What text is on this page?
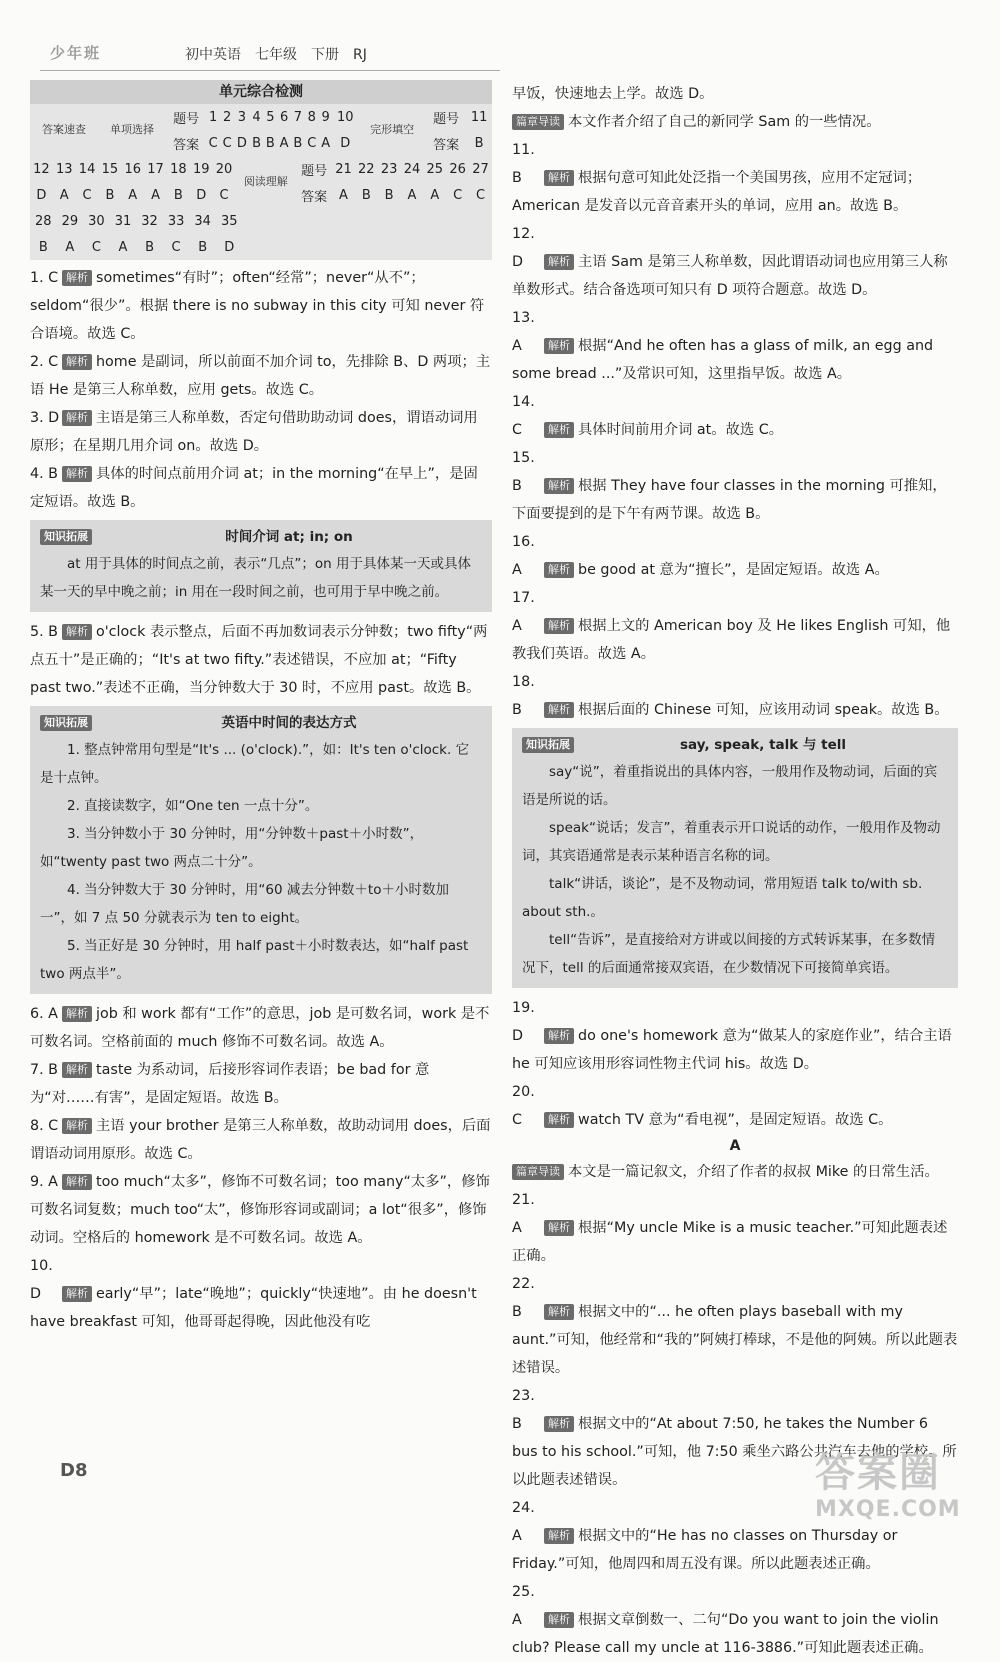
少年班	初中英语　七年级　下册　RJ
单元综合检测
答案速查	单项选择	题号	1	2	3	4	5	6	7	8	9	10	完形填空	题号	11
		答案	C	C	D	B	B	A	B	C	A	D		答案	B
12	13	14	15	16	17	18	19	20	阅读理解	题号	21	22	23	24	25	26	27
D	A	C	B	A	A	B	D	C		答案	A	B	B	A	A	C	C
28	29	30	31	32	33	34	35
B	A	C	A	B	C	B	D

1. C 解析 sometimes“有时”；often“经常”；never“从不”；seldom“很少”。根据 there is no subway in this city 可知 never 符合语境。故选 C。

2. C 解析 home 是副词，所以前面不加介词 to，先排除 B、D 两项；主语 He 是第三人称单数，应用 gets。故选 C。

3. D 解析 主语是第三人称单数，否定句借助助动词 does，谓语动词用原形；在星期几用介词 on。故选 D。

4. B 解析 具体的时间点前用介词 at；in the morning“在早上”，是固定短语。故选 B。

知识拓展	时间介词 at; in; on

at 用于具体的时间点之前，表示“几点”；on 用于具体某一天或具体某一天的早中晚之前；in 用在一段时间之前，也可用于早中晚之前。

5. B 解析 o'clock 表示整点，后面不再加数词表示分钟数；two fifty“两点五十”是正确的；“It's at two fifty.”表述错误，不应加 at；“Fifty past two.”表述不正确，当分钟数大于 30 时，不应用 past。故选 B。

知识拓展	英语中时间的表达方式

1. 整点钟常用句型是“It's ... (o'clock).”，如：It's ten o'clock. 它是十点钟。

2. 直接读数字，如“One ten 一点十分”。

3. 当分钟数小于 30 分钟时，用“分钟数＋past＋小时数”，如“twenty past two 两点二十分”。

4. 当分钟数大于 30 分钟时，用“60 减去分钟数＋to＋小时数加一”，如 7 点 50 分就表示为 ten to eight。

5. 当正好是 30 分钟时，用 half past＋小时数表达，如“half past two 两点半”。

6. A 解析 job 和 work 都有“工作”的意思，job 是可数名词，work 是不可数名词。空格前面的 much 修饰不可数名词。故选 A。

7. B 解析 taste 为系动词，后接形容词作表语；be bad for 意为“对……有害”，是固定短语。故选 B。

8. C 解析 主语 your brother 是第三人称单数，故助动词用 does，后面谓语动词用原形。故选 C。

9. A 解析 too much“太多”，修饰不可数名词；too many“太多”，修饰可数名词复数；much too“太”，修饰形容词或副词；a lot“很多”，修饰动词。空格后的 homework 是不可数名词。故选 A。

10. D 解析 early“早”；late“晚地”；quickly“快速地”。由 he doesn't have breakfast 可知，他哥哥起得晚，因此他没有吃

早饭，快速地去上学。故选 D。

篇章导读 本文作者介绍了自己的新同学 Sam 的一些情况。

11. B 解析 根据句意可知此处泛指一个美国男孩，应用不定冠词；American 是发音以元音音素开头的单词，应用 an。故选 B。

12. D 解析 主语 Sam 是第三人称单数，因此谓语动词也应用第三人称单数形式。结合备选项可知只有 D 项符合题意。故选 D。

13. A 解析 根据“And he often has a glass of milk, an egg and some bread ...”及常识可知，这里指早饭。故选 A。

14. C 解析 具体时间前用介词 at。故选 C。

15. B 解析 根据 They have four classes in the morning 可推知，下面要提到的是下午有两节课。故选 B。

16. A 解析 be good at 意为“擅长”，是固定短语。故选 A。

17. A 解析 根据上文的 American boy 及 He likes English 可知，他教我们英语。故选 A。

18. B 解析 根据后面的 Chinese 可知，应该用动词 speak。故选 B。

知识拓展	say, speak, talk 与 tell

say“说”，着重指说出的具体内容，一般用作及物动词，后面的宾语是所说的话。

speak“说话；发言”，着重表示开口说话的动作，一般用作及物动词，其宾语通常是表示某种语言名称的词。

talk“讲话，谈论”，是不及物动词，常用短语 talk to/with sb. about sth.。

tell“告诉”，是直接给对方讲或以间接的方式转诉某事，在多数情况下，tell 的后面通常接双宾语，在少数情况下可接简单宾语。

19. D 解析 do one's homework 意为“做某人的家庭作业”，结合主语 he 可知应该用形容词性物主代词 his。故选 D。

20. C 解析 watch TV 意为“看电视”，是固定短语。故选 C。

A

篇章导读 本文是一篇记叙文，介绍了作者的叔叔 Mike 的日常生活。

21. A 解析 根据“My uncle Mike is a music teacher.”可知此题表述正确。

22. B 解析 根据文中的“... he often plays baseball with my aunt.”可知，他经常和“我的”阿姨打棒球，不是他的阿姨。所以此题表述错误。

23. B 解析 根据文中的“At about 7:50, he takes the Number 6 bus to his school.”可知，他 7:50 乘坐六路公共汽车去他的学校。所以此题表述错误。

24. A 解析 根据文中的“He has no classes on Thursday or Friday.”可知，他周四和周五没有课。所以此题表述正确。

25. A 解析 根据文章倒数一、二句“Do you want to join the violin club? Please call my uncle at 116-3886.”可知此题表述正确。

D8	答案圈
MXQE.COM
